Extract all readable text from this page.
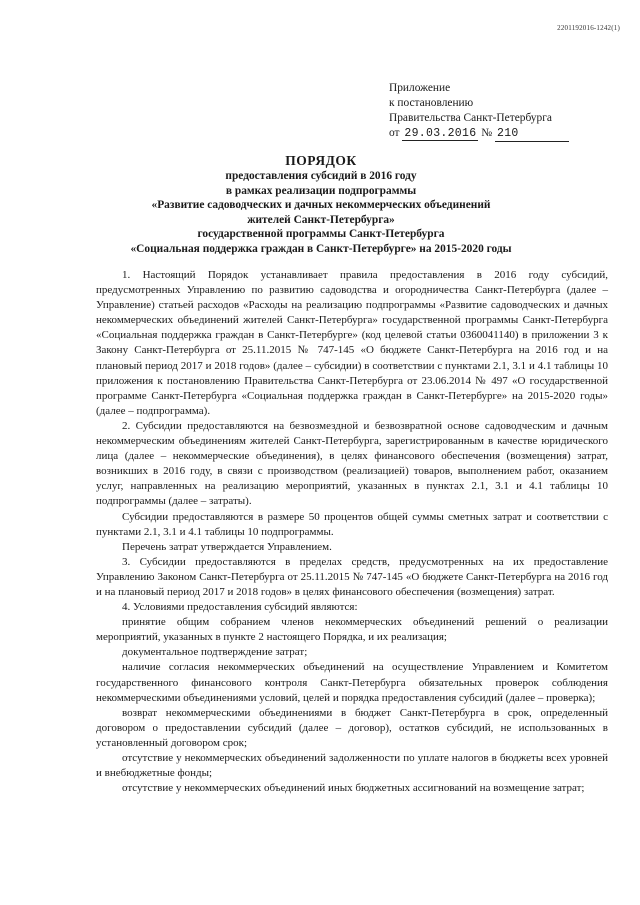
2201192016-1242(1)
Приложение
к постановлению
Правительства Санкт-Петербурга
от 29.03.2016 № 210
ПОРЯДОК
предоставления субсидий в 2016 году
в рамках реализации подпрограммы
«Развитие садоводческих и дачных некоммерческих объединений
жителей Санкт-Петербурга»
государственной программы Санкт-Петербурга
«Социальная поддержка граждан в Санкт-Петербурге» на 2015-2020 годы

1. Настоящий Порядок устанавливает правила предоставления в 2016 году субсидий, предусмотренных Управлению по развитию садоводства и огородничества Санкт-Петербурга (далее – Управление) статьей расходов «Расходы на реализацию подпрограммы «Развитие садоводческих и дачных некоммерческих объединений жителей Санкт-Петербурга» государственной программы Санкт-Петербурга «Социальная поддержка граждан в Санкт-Петербурге» (код целевой статьи 0360041140) в приложении 3 к Закону Санкт-Петербурга от 25.11.2015 № 747-145 «О бюджете Санкт-Петербурга на 2016 год и на плановый период 2017 и 2018 годов» (далее – субсидии) в соответствии с пунктами 2.1, 3.1 и 4.1 таблицы 10 приложения к постановлению Правительства Санкт-Петербурга от 23.06.2014 № 497 «О государственной программе Санкт-Петербурга «Социальная поддержка граждан в Санкт-Петербурге» на 2015-2020 годы» (далее – подпрограмма).

2. Субсидии предоставляются на безвозмездной и безвозвратной основе садоводческим и дачным некоммерческим объединениям жителей Санкт-Петербурга, зарегистрированным в качестве юридического лица (далее – некоммерческие объединения), в целях финансового обеспечения (возмещения) затрат, возникших в 2016 году, в связи с производством (реализацией) товаров, выполнением работ, оказанием услуг, направленных на реализацию мероприятий, указанных в пунктах 2.1, 3.1 и 4.1 таблицы 10 подпрограммы (далее – затраты).

Субсидии предоставляются в размере 50 процентов общей суммы сметных затрат и соответствии с пунктами 2.1, 3.1 и 4.1 таблицы 10 подпрограммы.

Перечень затрат утверждается Управлением.

3. Субсидии предоставляются в пределах средств, предусмотренных на их предоставление Управлению Законом Санкт-Петербурга от 25.11.2015 № 747-145 «О бюджете Санкт-Петербурга на 2016 год и на плановый период 2017 и 2018 годов» в целях финансового обеспечения (возмещения) затрат.

4. Условиями предоставления субсидий являются:

принятие общим собранием членов некоммерческих объединений решений о реализации мероприятий, указанных в пункте 2 настоящего Порядка, и их реализация;

документальное подтверждение затрат;

наличие согласия некоммерческих объединений на осуществление Управлением и Комитетом государственного финансового контроля Санкт-Петербурга обязательных проверок соблюдения некоммерческими объединениями условий, целей и порядка предоставления субсидий (далее – проверка);

возврат некоммерческими объединениями в бюджет Санкт-Петербурга в срок, определенный договором о предоставлении субсидий (далее – договор), остатков субсидий, не использованных в установленный договором срок;

отсутствие у некоммерческих объединений задолженности по уплате налогов в бюджеты всех уровней и внебюджетные фонды;

отсутствие у некоммерческих объединений иных бюджетных ассигнований на возмещение затрат;
